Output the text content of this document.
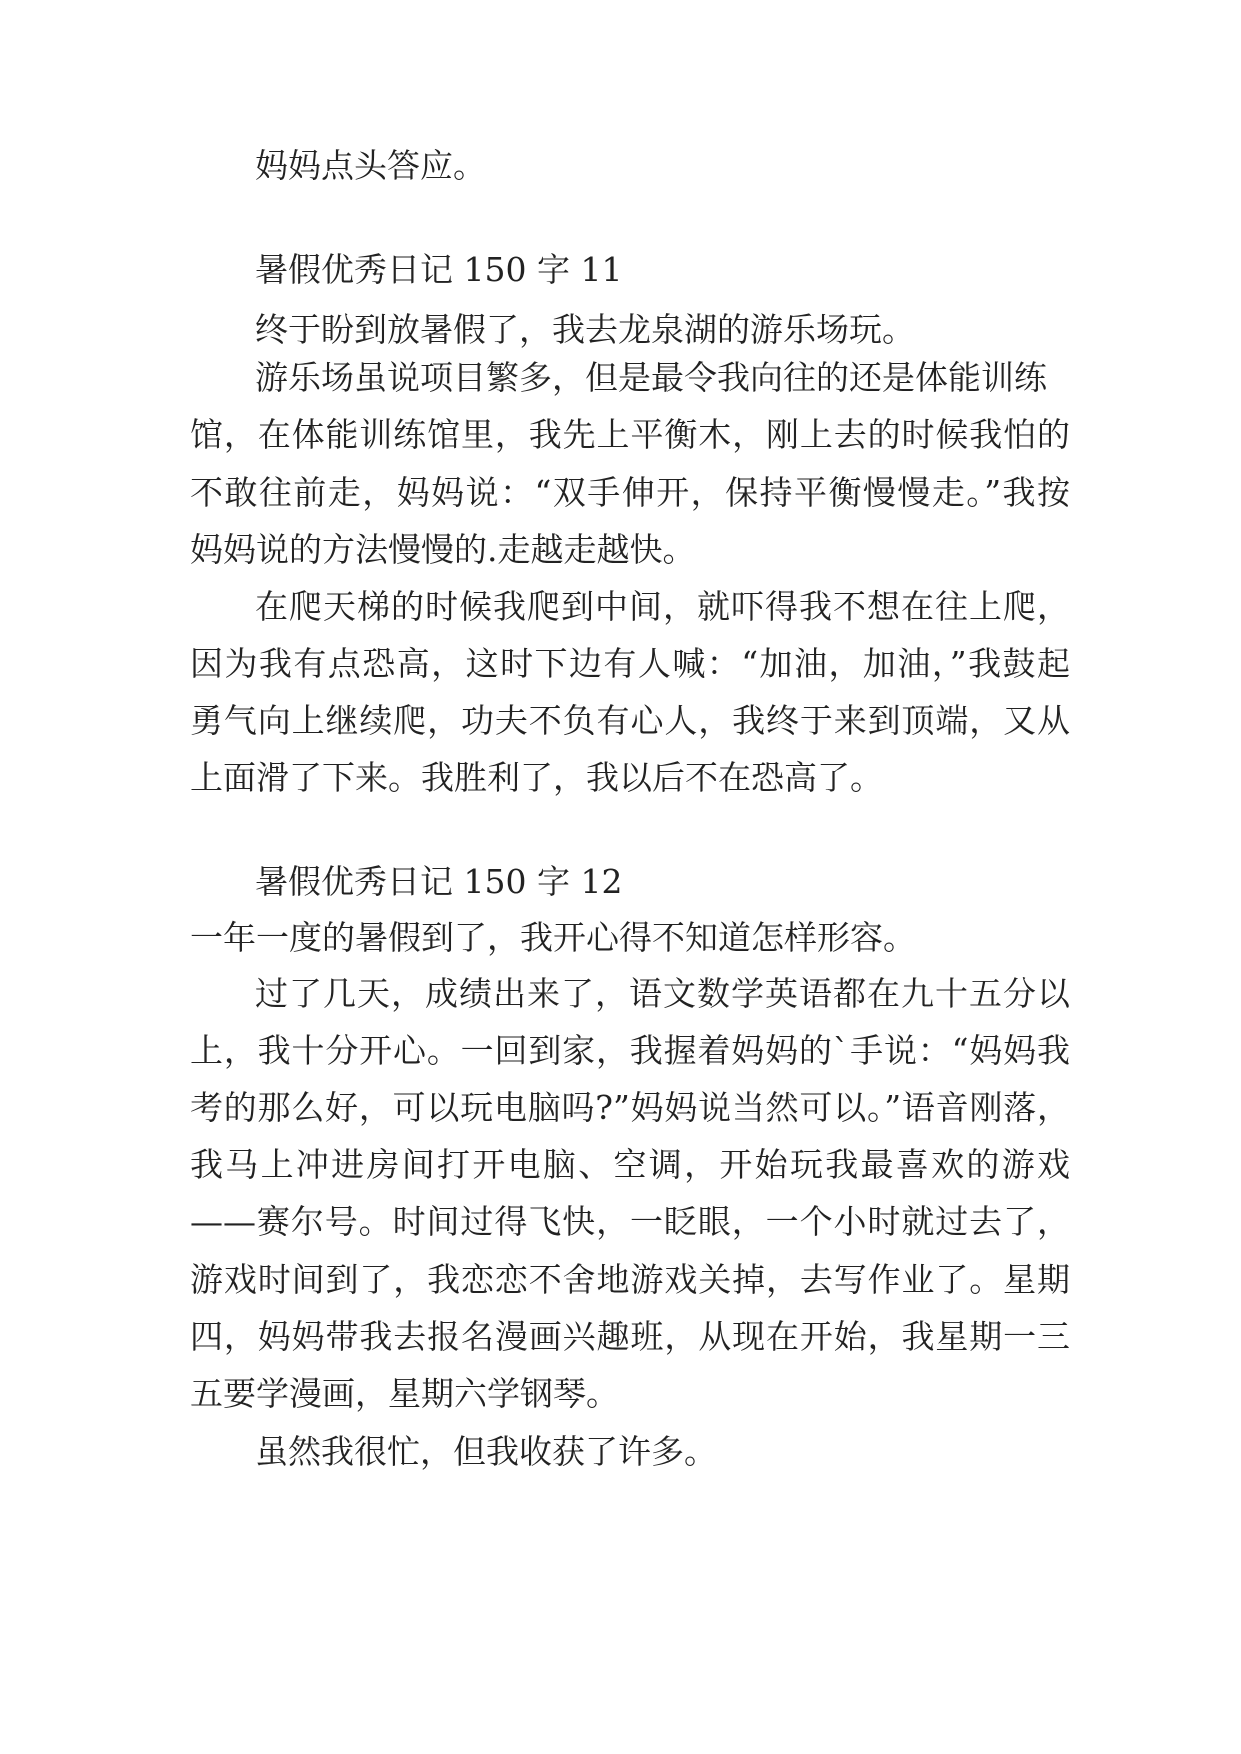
妈妈点头答应。
暑假优秀日记 150 字 11
终于盼到放暑假了，我去龙泉湖的游乐场玩。
游乐场虽说项目繁多，但是最令我向往的还是体能训练
馆，在体能训练馆里，我先上平衡木，刚上去的时候我怕的
不敢往前走，妈妈说：“双手伸开，保持平衡慢慢走。”我按
妈妈说的方法慢慢的.走越走越快。
在爬天梯的时候我爬到中间，就吓得我不想在往上爬，
因为我有点恐高，这时下边有人喊：“加油，加油，”我鼓起
勇气向上继续爬，功夫不负有心人，我终于来到顶端，又从
上面滑了下来。我胜利了，我以后不在恐高了。
暑假优秀日记 150 字 12
一年一度的暑假到了，我开心得不知道怎样形容。
过了几天，成绩出来了，语文数学英语都在九十五分以
上，我十分开心。一回到家，我握着妈妈的`手说：“妈妈我
考的那么好，可以玩电脑吗?”妈妈说当然可以。”语音刚落，
我马上冲进房间打开电脑、空调，开始玩我最喜欢的游戏
——赛尔号。时间过得飞快，一眨眼，一个小时就过去了，
游戏时间到了，我恋恋不舍地游戏关掉，去写作业了。星期
四，妈妈带我去报名漫画兴趣班，从现在开始，我星期一三
五要学漫画，星期六学钢琴。
虽然我很忙，但我收获了许多。
